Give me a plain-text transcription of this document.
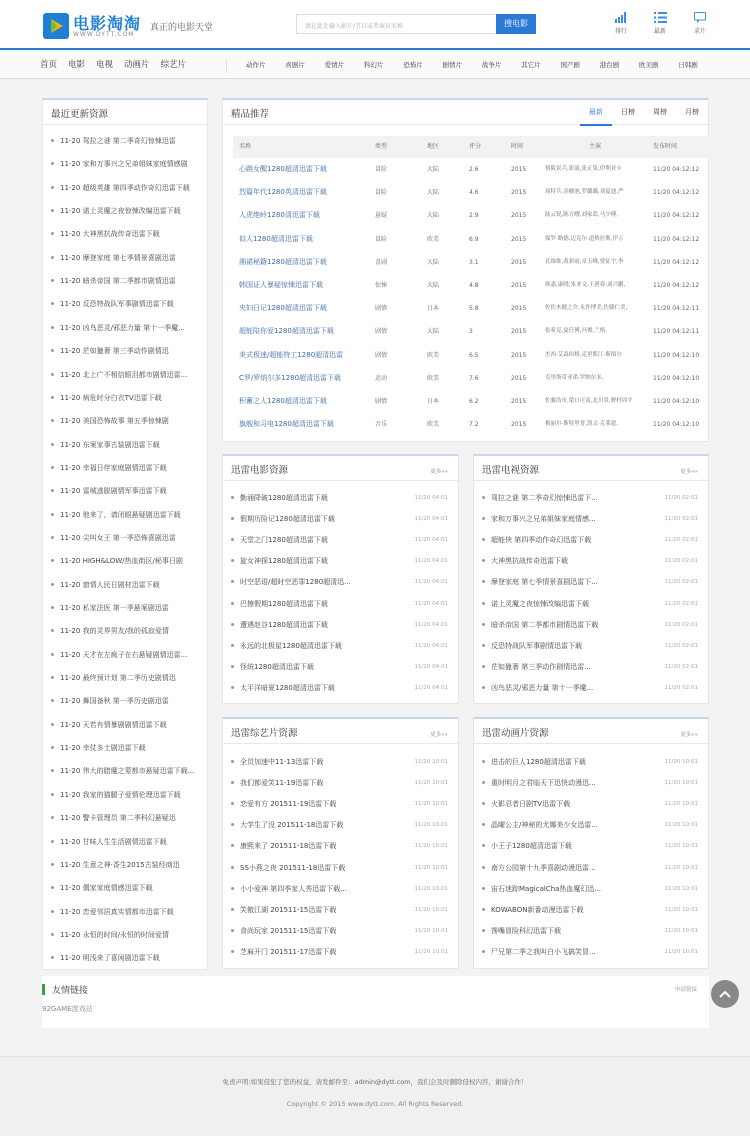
电影淘淘
WWW.DYTT.COM
真正的电影天堂	请在此处输入影片/节目或者演员名称	搜电影
排行	最新	求片
首页 电影 电视 动画片 综艺片	动作片	喜剧片	爱情片	科幻片	恐怖片	剧情片	战争片	其它片	国产剧	港台剧	欧美剧	日韩剧
最近更新资源
11-20 驾拉之谜 第二季奇幻惊悚迅雷
11-20 家和万事兴之兄弟姐妹家庭情感剧
11-20 超级英雄 第四季动作奇幻迅雷下载
11-20 诺上灵魔之夜惊悚改编迅雷下载
11-20 大神黑抗战传奇迅雷下载
11-20 摩登家庭 第七季情景喜剧迅雷
11-20 暗杀帝国 第二季都市剧情迅雷
11-20 反恐特战队军事剧情迅雷下载
11-20 凶鸟恶灵/邪恶力量 第十一季魔...
11-20 茫如獵奢 第三季动作剧情迅
11-20 北上广不相信眼泪都市剧情迅雷...
11-20 病危时分白衣TV迅雷下载
11-20 美国恐怖故事 第五季惊悚剧
11-20 东案家事古装剧迅雷下载
11-20 幸福日伴家庭剧情迅雷下载
11-20 雷城逃脱剧情军事迅雷下载
11-20 他来了，请闭眼悬疑剧迅雷下载
11-20 尖叫女王 第一季恐怖喜剧迅雷
11-20 HIGH&LOW/热血街区/秘事日剧
11-20 窗情人民日剧材迅雷下载
11-20 私家法医 第一季悬案剧迅雷
11-20 我的灵界男友/我的孤寂爱情
11-20 天才在左疯子在右悬疑剧情迅雷...
11-20 最终预计划 第二季历史剧情迅
11-20 舞国备秋 第一季历史剧迅雷
11-20 天若有情暴剧剧情迅雷下载
11-20 幸仗多士剧迅雷下载
11-20 伟大的腊魔之蒙都市悬疑迅雷下载...
11-20 我家的猫腿子爱情伦理迅雷下载
11-20 警卡管理员 第二季科幻悬疑迅
11-20 甘味人生生活剧情迅雷下载
11-20 生意之神·香生2015古装经商迅
11-20 偶家家庭情感迅雷下载
11-20 恋爱邻居真实情都市迅雷下载
11-20 永恒的时间/永恒的时间爱情
11-20 明浅来了喜闲剧迅雷下载
精品推荐	最新	日榜	周榜	月榜
名称	类型	地区	评分	时间	主演	发布时间
心跳女醒1280超清迅雷下载	冒险	大陆	2.6	2015	蔡阪景兵,影演,张正染,伊利亚卡	11/20 04:12:12
烈篇年代1280英清迅雷下载	冒险	大陆	4.6	2015	周特兵,金榆池,罗璐璐,刘夏迪,严	11/20 04:12:12
人虎绝岭1280清迅雷下载	悬疑	大陆	2.9	2015	陆云锐,陈方曙,刘家葛,马少傅,	11/20 04:12:12
似人1280超清迅雷下载	冒险	欧美	6.9	2015	保罗·路德,迈克尔·道格拉斯,伊万	11/20 04:12:12
湘裙秘籍1280超清迅雷下载	喜剧	大陆	3.1	2015	孔维维,黄彩雨,章玉峰,贾征宇,李	11/20 04:12:12
韩国证人暴疑惊悚迅雷下载	惊悚	大陆	4.8	2015	韩嘉,康晓,朱亚文,王碧春,刘兴鹏,	11/20 04:12:12
夹妇日记1280超清迅雷下载	剧情	日本	5.8	2015	佐佐木健之介,永作博美,佐藤仁美,	11/20 04:12:11
超能陪你爱1280超清迅雷下载	剧情	大陆	3	2015	张希克,夏任傅,冯俊,兰格,	11/20 04:12:11
美式极速/超能特工1280超清迅雷	剧情	欧美	6.5	2015	杰西·艾森伯格,克里斯汀·斯图尔	11/20 04:12:10
C罗/罗纳尔多1280超清迅雷下载	运动	欧美	7.6	2015	克里斯蒂亚诺·罗纳尔多,	11/20 04:12:10
积蓄之人1280超清迅雷下载	剧情	日本	6.2	2015	佐藤浩市,榮口可南,北川景,野村周平	11/20 04:12:10
旗舰和习电1280超清迅雷下载	音乐	欧美	7.2	2015	梅丽尔·斯特里普,凯文·克莱恩,	11/20 04:12:10
迅雷电影资源	更多»»
勤涌降破1280超清迅雷下载	11/20 04:01
假期历险记1280超清迅雷下载	11/20 04:01
天堂之门1280超清迅雷下载	11/20 04:01
旋女神探1280超清迅雷下载	11/20 04:01
时空恶语/超时空恶罪1280超清迅...	11/20 04:01
巴擦假期1280超清迅雷下载	11/20 04:01
遭遇赵谷1280超清迅雷下载	11/20 04:01
永远的北极星1280超清迅雷下载	11/20 04:01
怪统1280超清迅雷下载	11/20 04:01
太平洋暗夏1280超清迅雷下载	11/20 04:01
迅雷电视资源	更多»»
驾拉之谜 第二季奇幻惊悚迅雷下...	11/20 02:01
家和万事兴之兄弟姐妹家庭情感...	11/20 02:01
超能侠 第四季动作奇幻迅雷下载	11/20 02:01
大神黑抗战传奇迅雷下载	11/20 02:01
摩登家庭 第七季情景喜剧迅雷下...	11/20 02:01
诺上灵魔之夜惊悚改编迅雷下载	11/20 02:01
暗杀帝国 第二季都市剧情迅雷下载	11/20 02:01
反恐特战队军事剧情迅雷下载	11/20 02:01
茫如獵奢 第三季动作剧情迅雷...	11/20 02:01
凶鸟恶灵/邪恶力量 第十一季魔...	11/20 02:01
迅雷综艺片资源	更多»»
全员加速中11-13迅雷下载	11/20 10:01
我们都爱笑11-19迅雷下载	11/20 10:01
恋爱有方 201511-19迅雷下载	11/20 10:01
大学生了没 201511-18迅雷下载	11/20 10:01
康熙来了 201511-18迅雷下载	11/20 10:01
SS小燕之夜 201511-18迅雷下载	11/20 10:01
小小爱神 第四季家人秀迅雷下载...	11/20 10:01
笑傲江湖 201511-15迅雷下载	11/20 10:01
食尚玩家 201511-15迅雷下载	11/20 10:01
芝麻开门 201511-17迅雷下载	11/20 10:01
迅雷动画片资源	更多»»
进击的巨人1280超清迅雷下载	11/20 10:01
重时明月之君临天下迅快动漫迅...	11/20 10:01
火影忍者日剧TV迅雷下载	11/20 10:01
晶曜公主/神秘的尤娜美少女迅雷...	11/20 10:01
小王子1280超清迅雷下载	11/20 10:01
南方公园第十九季喜剧动漫迅雷...	11/20 10:01
宙石迷踪MagicalCha热血魔幻迅...	11/20 10:01
KOWABON新番动漫迅雷下载	11/20 10:01
馋嘴冒险科幻迅雷下载	11/20 10:01
尸兄第二季之我叫白小飞搞笑冒...	11/20 10:01
友情链接	申请链接
92GAME游戏站
免责声明:如果侵犯了您的权益，请发邮件至：admin@dytt.com，我们会及时删除侵权内容，谢谢合作！
Copyright © 2015 www.dytt.com. All Rights Reserved.
